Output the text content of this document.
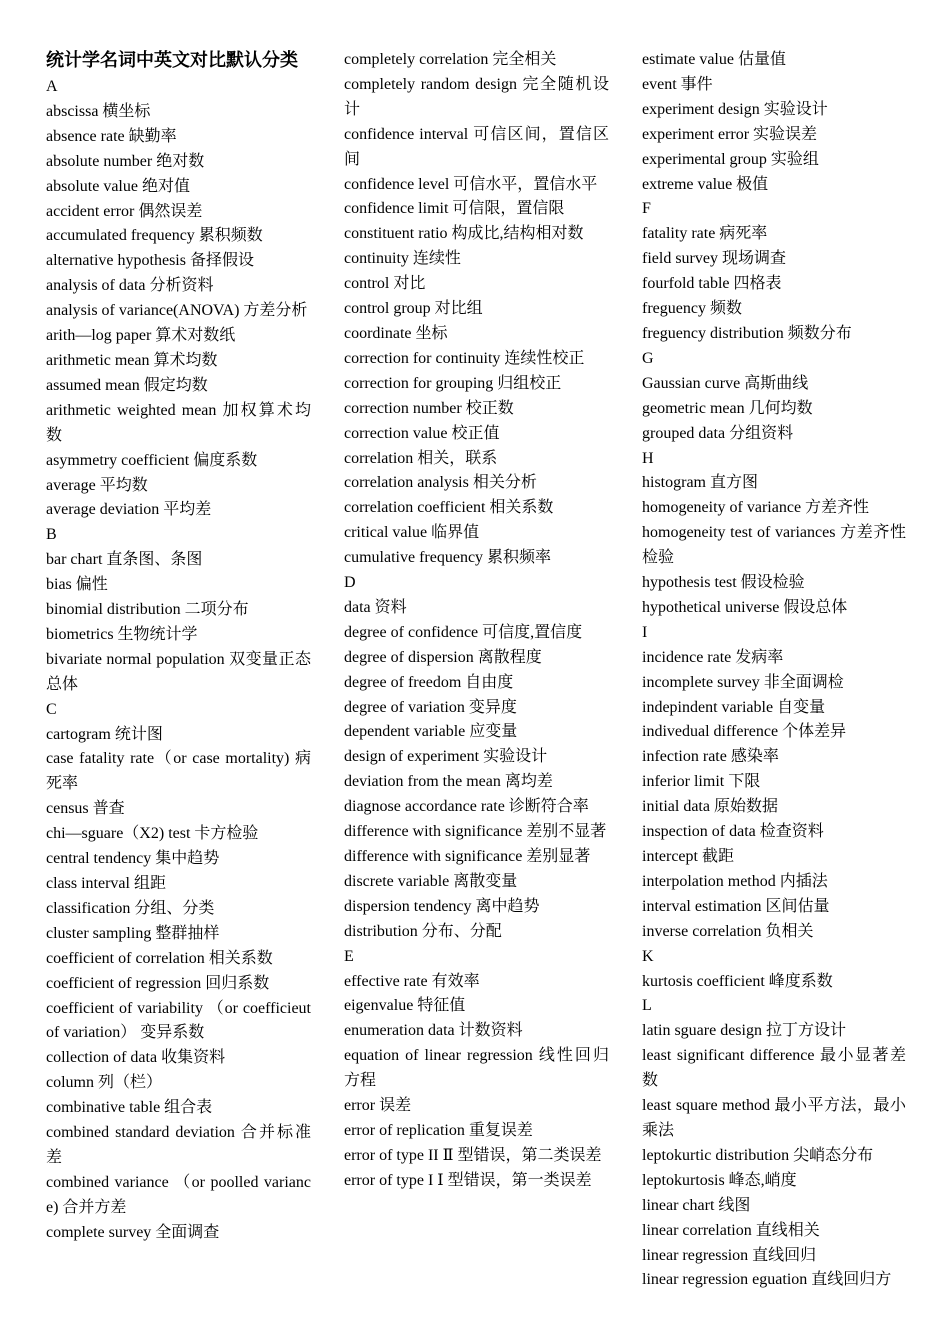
统计学名词中英文对比默认分类
A
abscissa 横坐标
absence rate 缺勤率
absolute number 绝对数
absolute value 绝对值
accident error 偶然误差
accumulated frequency 累积频数
alternative hypothesis 备择假设
analysis of data 分析资料
analysis of variance(ANOVA) 方差分析
arith—log paper 算术对数纸
arithmetic mean 算术均数
assumed mean 假定均数
arithmetic weighted mean 加权算术均数
asymmetry coefficient 偏度系数
average 平均数
average deviation 平均差
B
bar chart 直条图、条图
bias 偏性
binomial distribution 二项分布
biometrics 生物统计学
bivariate normal population 双变量正态总体
C
cartogram 统计图
case fatality rate（or case mortality) 病死率
census 普查
chi—sguare（X2) test 卡方检验
central tendency 集中趋势
class interval 组距
classification 分组、分类
cluster sampling 整群抽样
coefficient of correlation 相关系数
coefficient of regression 回归系数
coefficient of variability （or coefficieut of variation） 变异系数
collection of data 收集资料
column 列（栏）
combinative table 组合表
combined standard deviation 合并标准差
combined variance （or poolled variance) 合并方差
complete survey 全面调查
completely correlation 完全相关
completely random design 完全随机设计
confidence interval 可信区间，置信区间
confidence level 可信水平，置信水平
confidence limit 可信限，置信限
constituent ratio 构成比,结构相对数
continuity 连续性
control 对比
control group 对比组
coordinate 坐标
correction for continuity 连续性校正
correction for grouping 归组校正
correction number 校正数
correction value 校正值
correlation 相关，联系
correlation analysis 相关分析
correlation coefficient 相关系数
critical value 临界值
cumulative frequency 累积频率
D
data 资料
degree of confidence 可信度,置信度
degree of dispersion 离散程度
degree of freedom 自由度
degree of variation 变异度
dependent variable 应变量
design of experiment 实验设计
deviation from the mean 离均差
diagnose accordance rate 诊断符合率
difference with significance 差别不显著
difference with significance 差别显著
discrete variable 离散变量
dispersion tendency 离中趋势
distribution 分布、分配
E
effective rate 有效率
eigenvalue 特征值
enumeration data 计数资料
equation of linear regression 线性回归方程
error 误差
error of replication 重复误差
error of type II Ⅱ 型错误，第二类误差
error of type I Ⅰ 型错误，第一类误差
estimate value 估量值
event 事件
experiment design 实验设计
experiment error 实验误差
experimental group 实验组
extreme value 极值
F
fatality rate 病死率
field survey 现场调查
fourfold table 四格表
freguency 频数
freguency distribution 频数分布
G
Gaussian curve 高斯曲线
geometric mean 几何均数
grouped data 分组资料
H
histogram 直方图
homogeneity of variance 方差齐性
homogeneity test of variances 方差齐性检验
hypothesis test 假设检验
hypothetical universe 假设总体
I
incidence rate 发病率
incomplete survey 非全面调检
indepindent variable 自变量
indivedual difference 个体差异
infection rate 感染率
inferior limit 下限
initial data 原始数据
inspection of data 检查资料
intercept 截距
interpolation method 内插法
interval estimation 区间估量
inverse correlation 负相关
K
kurtosis coefficient 峰度系数
L
latin sguare design 拉丁方设计
least significant difference 最小显著差数
least square method 最小平方法，最小乘法
leptokurtic distribution 尖峭态分布
leptokurtosis 峰态,峭度
linear chart 线图
linear correlation 直线相关
linear regression 直线回归
linear regression eguation 直线回归方
